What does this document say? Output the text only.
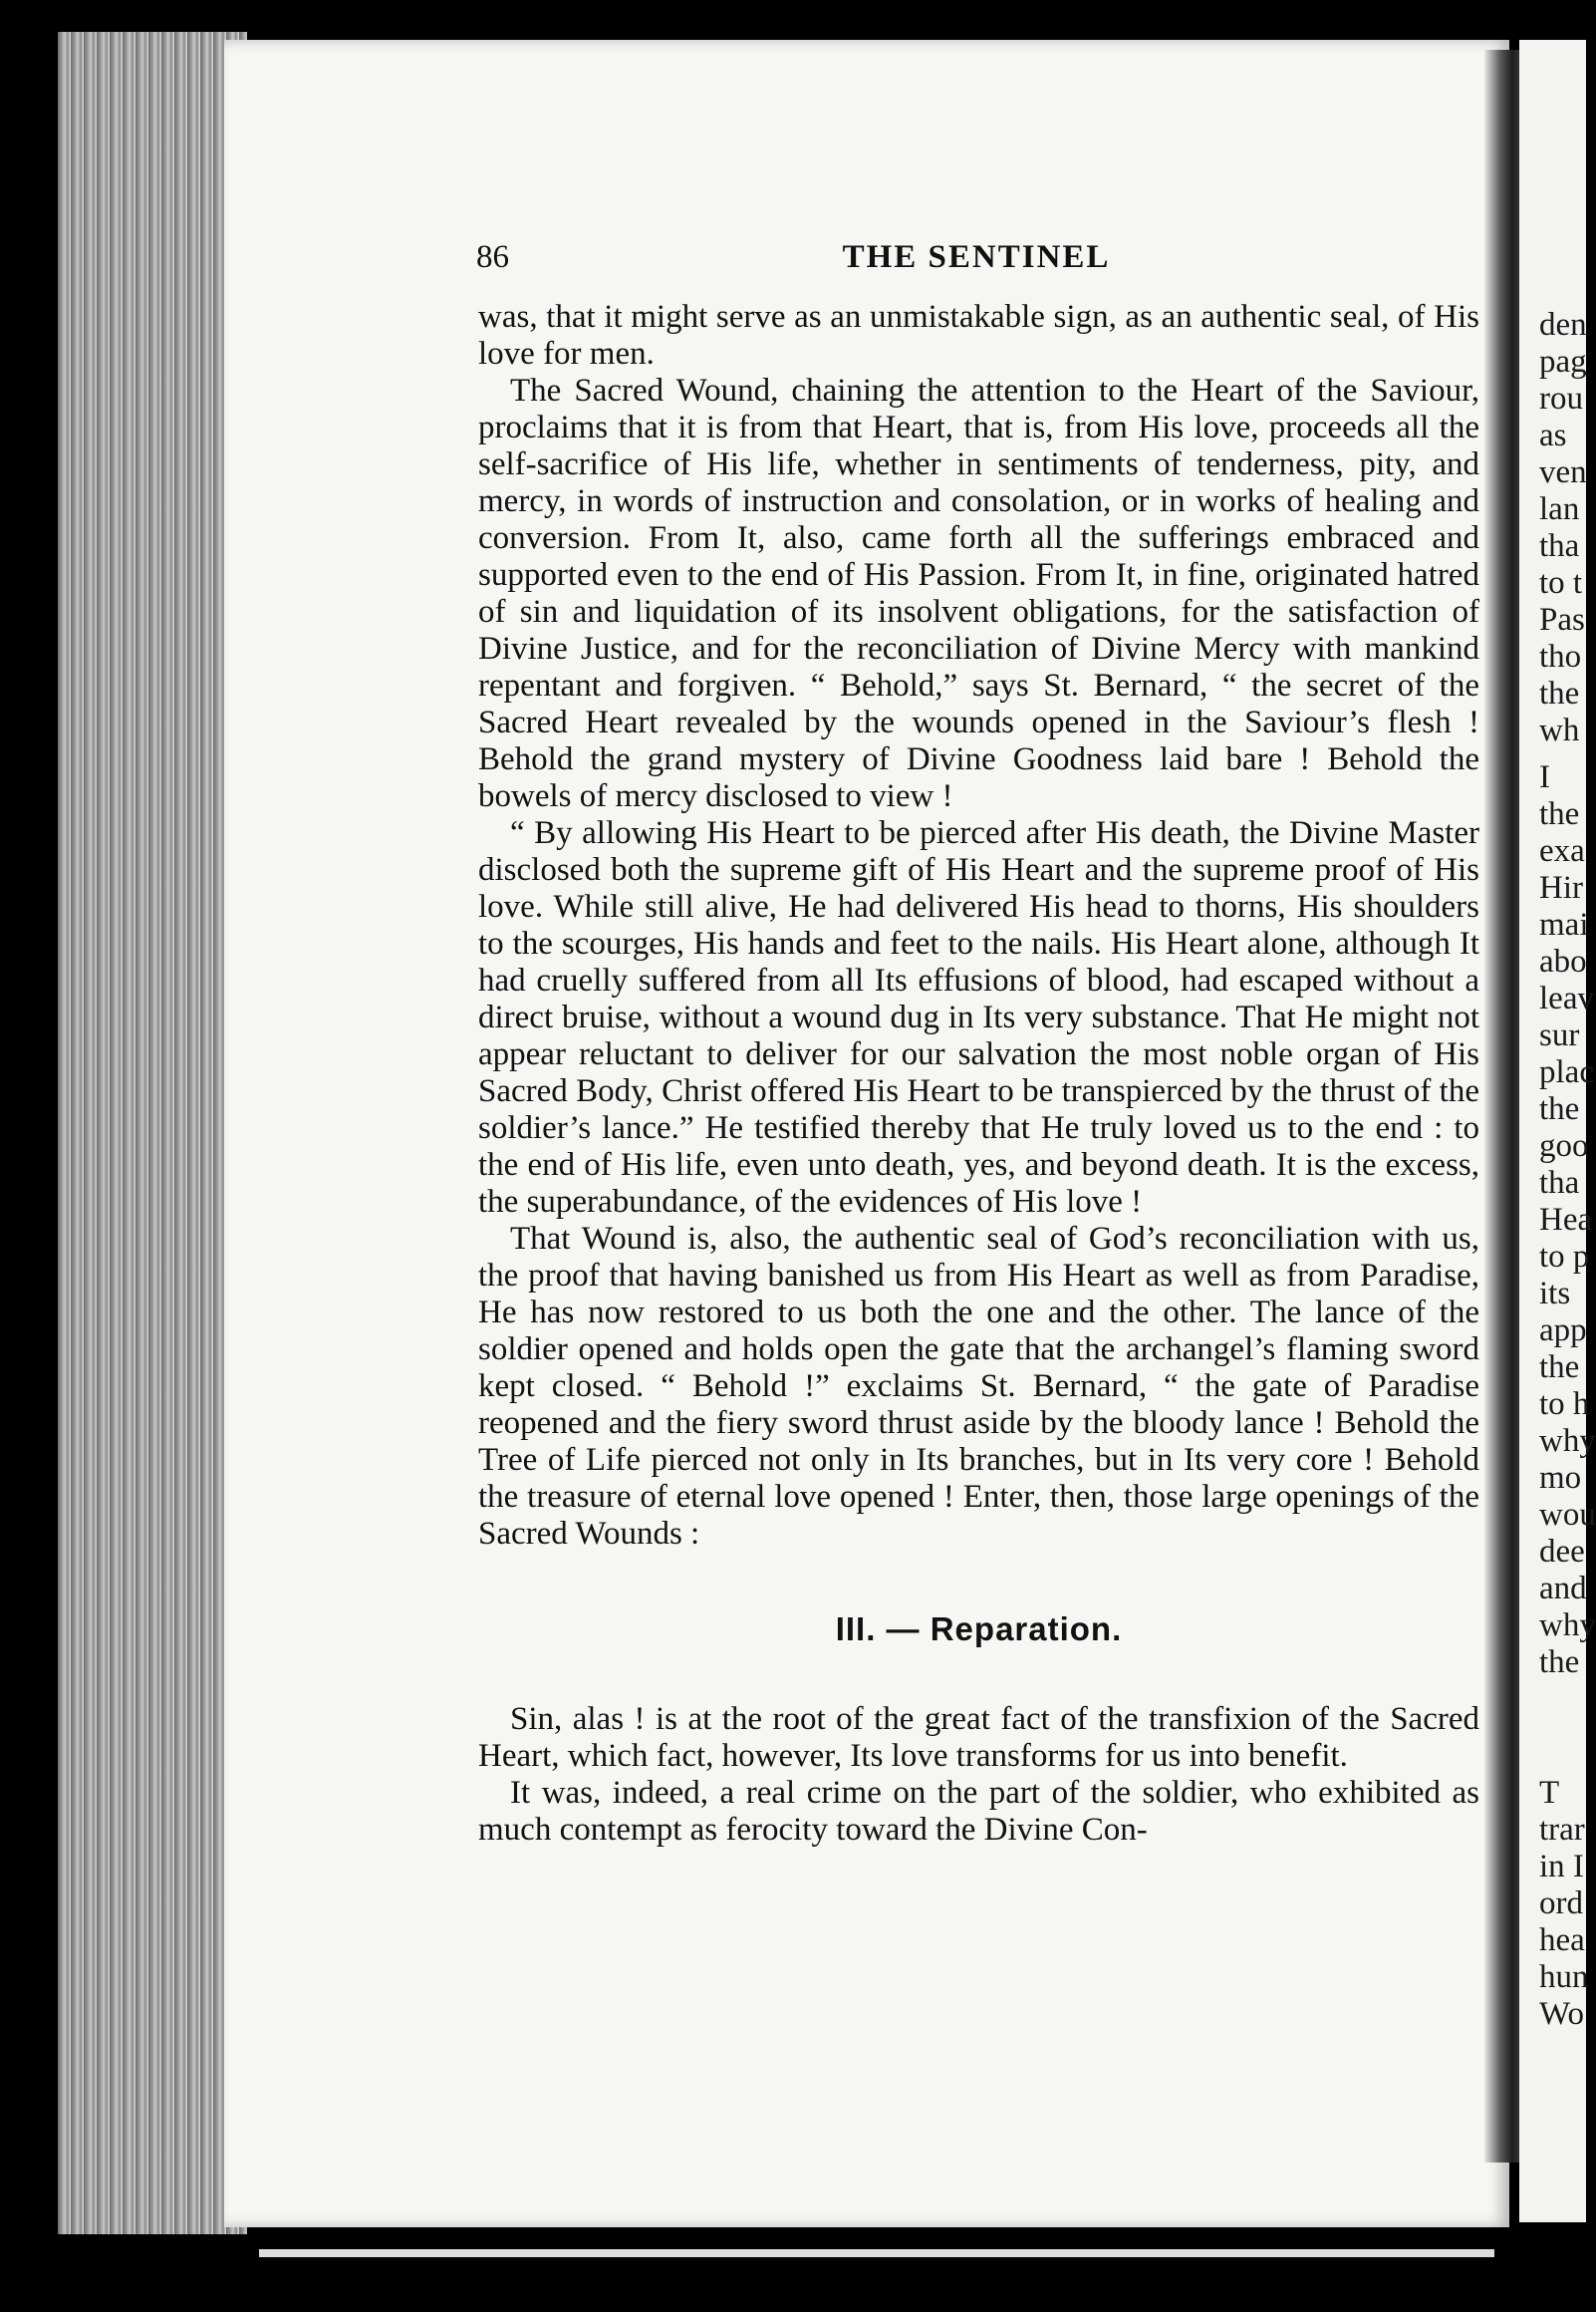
den
pag
rou
as
ven
lan
tha
to t
Pas
tho
the
wh
I
the
exa
Hir
mai
abo
leav
sur
plac
the
goo
tha
Hea
to p
its
app
the
to h
why
mo
wou
dee
and
why
the
T
trar
in I
ord
hea
hun
Wo
86	THE SENTINEL

was, that it might serve as an unmistakable sign, as an authentic seal, of His love for men.

The Sacred Wound, chaining the attention to the Heart of the Saviour, proclaims that it is from that Heart, that is, from His love, proceeds all the self-sacrifice of His life, whether in sentiments of tenderness, pity, and mercy, in words of instruction and consolation, or in works of healing and conversion. From It, also, came forth all the sufferings embraced and supported even to the end of His Passion. From It, in fine, originated hatred of sin and liquidation of its insolvent obligations, for the satisfaction of Divine Justice, and for the reconciliation of Divine Mercy with mankind repentant and forgiven. “ Behold,” says St. Bernard, “ the secret of the Sacred Heart revealed by the wounds opened in the Saviour’s flesh ! Behold the grand mystery of Divine Goodness laid bare ! Behold the bowels of mercy disclosed to view !

“ By allowing His Heart to be pierced after His death, the Divine Master disclosed both the supreme gift of His Heart and the supreme proof of His love. While still alive, He had delivered His head to thorns, His shoulders to the scourges, His hands and feet to the nails. His Heart alone, although It had cruelly suffered from all Its effusions of blood, had escaped without a direct bruise, without a wound dug in Its very substance. That He might not appear reluctant to deliver for our salvation the most noble organ of His Sacred Body, Christ offered His Heart to be transpierced by the thrust of the soldier’s lance.” He testified thereby that He truly loved us to the end : to the end of His life, even unto death, yes, and beyond death. It is the excess, the superabundance, of the evidences of His love !

That Wound is, also, the authentic seal of God’s reconciliation with us, the proof that having banished us from His Heart as well as from Paradise, He has now restored to us both the one and the other. The lance of the soldier opened and holds open the gate that the archangel’s flaming sword kept closed. “ Behold !” exclaims St. Bernard, “ the gate of Paradise reopened and the fiery sword thrust aside by the bloody lance ! Behold the Tree of Life pierced not only in Its branches, but in Its very core ! Behold the treasure of eternal love opened ! Enter, then, those large openings of the Sacred Wounds :

III. — Reparation.

Sin, alas ! is at the root of the great fact of the transfixion of the Sacred Heart, which fact, however, Its love transforms for us into benefit.

It was, indeed, a real crime on the part of the soldier, who exhibited as much contempt as ferocity toward the Divine Con-
